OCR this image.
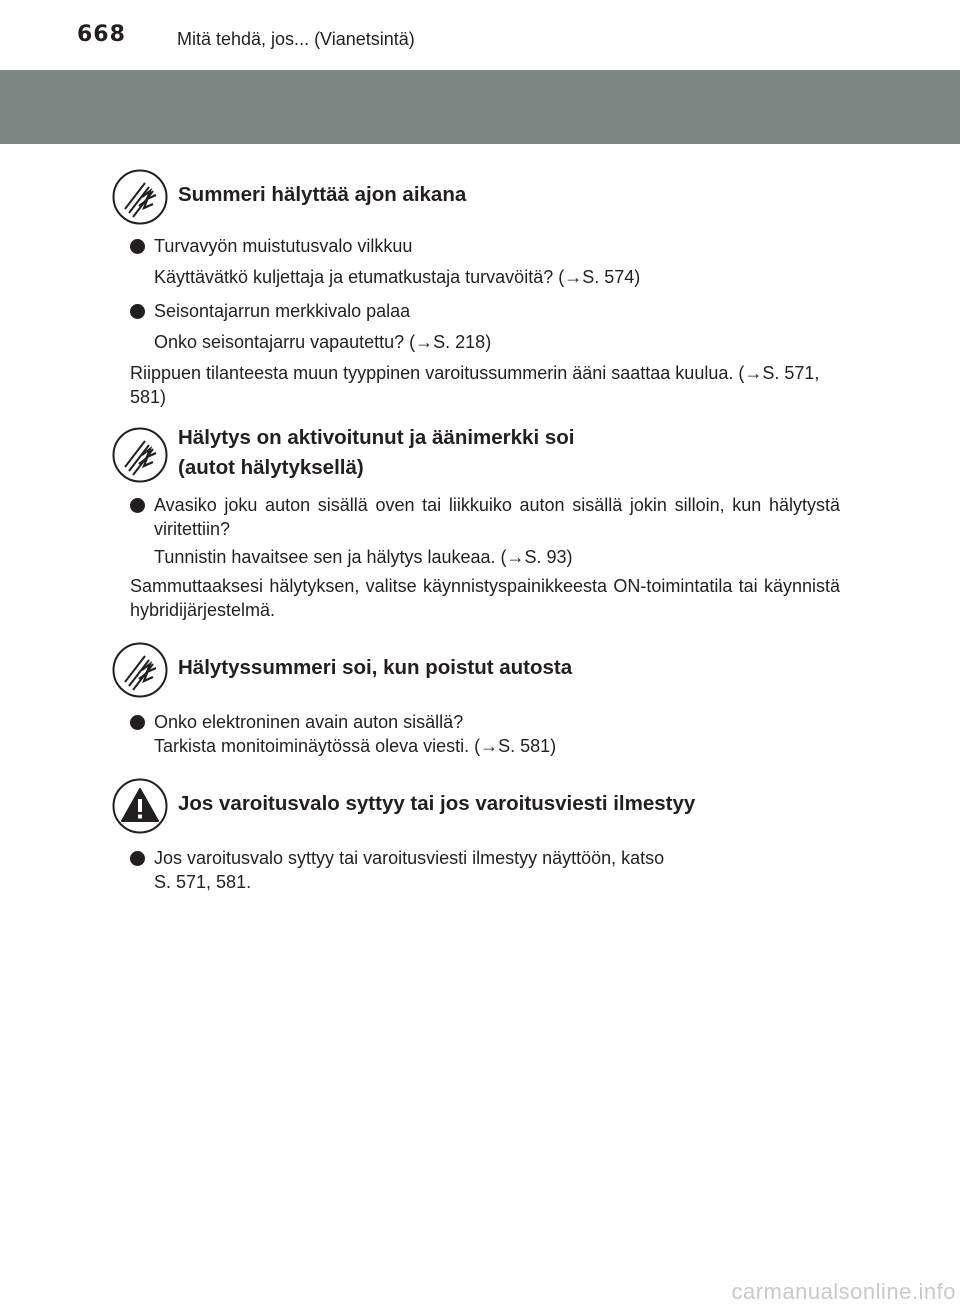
668	Mitä tehdä, jos... (Vianetsintä)
Summeri hälyttää ajon aikana
Turvavyön muistutusvalo vilkkuu
Käyttävätkö kuljettaja ja etumatkustaja turvavöitä? (→S. 574)
Seisontajarrun merkkivalo palaa
Onko seisontajarru vapautettu? (→S. 218)
Riippuen tilanteesta muun tyyppinen varoitussummerin ääni saattaa kuulua. (→S. 571, 581)
Hälytys on aktivoitunut ja äänimerkki soi
(autot hälytyksellä)
Avasiko joku auton sisällä oven tai liikkuiko auton sisällä jokin silloin, kun hälytystä viritettiin?
Tunnistin havaitsee sen ja hälytys laukeaa. (→S. 93)
Sammuttaaksesi hälytyksen, valitse käynnistyspainikkeesta ON-toimintatila tai käynnistä hybridijärjestelmä.
Hälytyssummeri soi, kun poistut autosta
Onko elektroninen avain auton sisällä?
Tarkista monitoiminäytössä oleva viesti. (→S. 581)
Jos varoitusvalo syttyy tai jos varoitusviesti ilmestyy
Jos varoitusvalo syttyy tai varoitusviesti ilmestyy näyttöön, katso
S. 571, 581.
carmanualsonline.info
